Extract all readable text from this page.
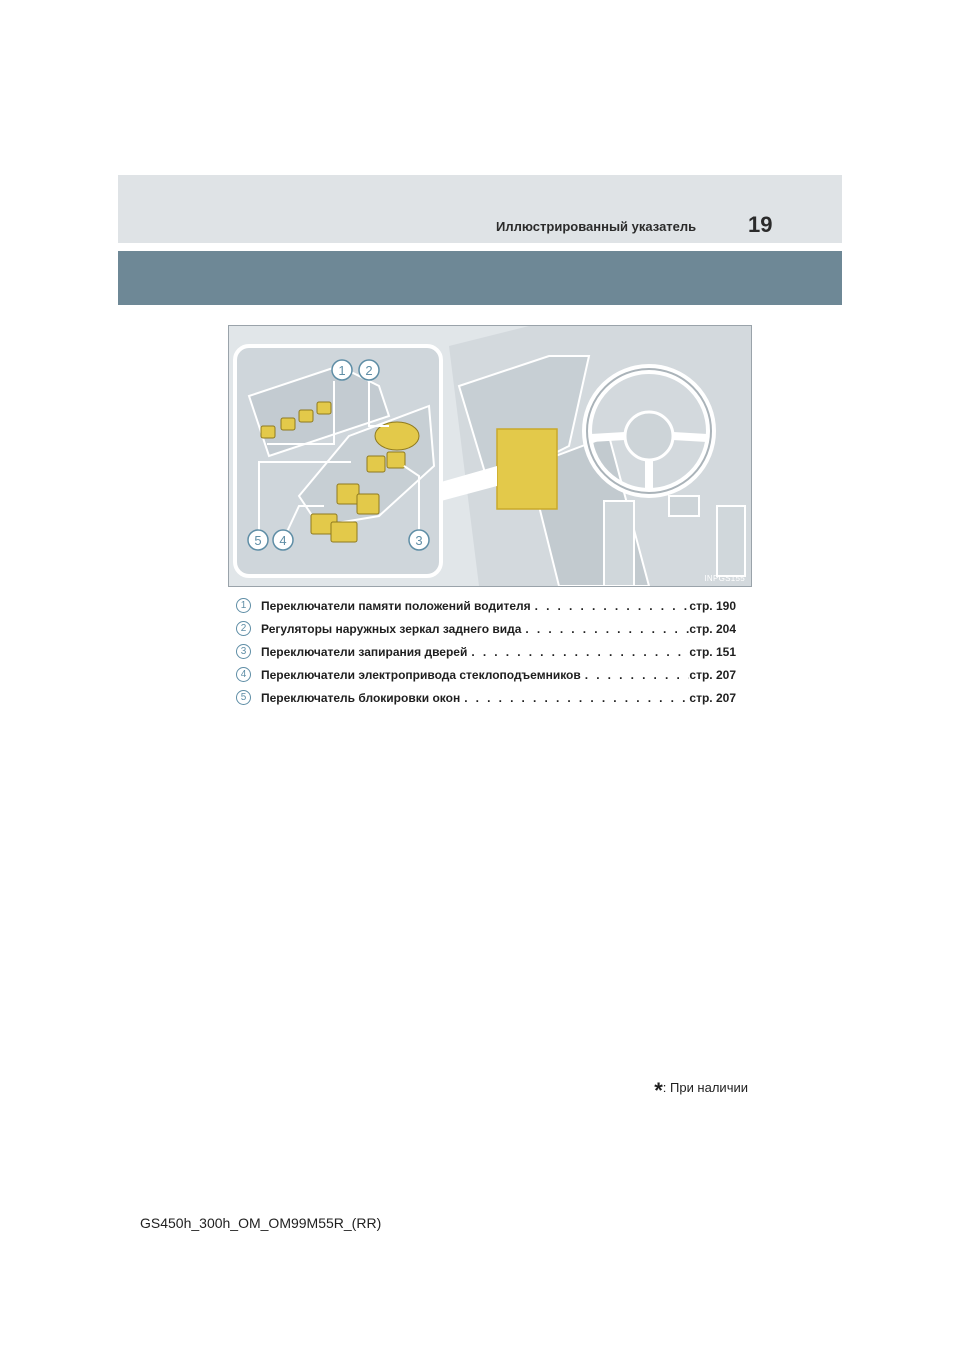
Иллюстрированный указатель 19
1 2
3
4
5
INPGS155
1	Переключатели памяти положений водителя . . .	стр. 190
2	Регуляторы наружных зеркал заднего вида . . .	стр. 204
3	Переключатели запирания дверей . . .	стр. 151
4	Переключатели электропривода стеклоподъемников . . .	стр. 207
5	Переключатель блокировки окон . . .	стр. 207
*: При наличии
GS450h_300h_OM_OM99M55R_(RR)
